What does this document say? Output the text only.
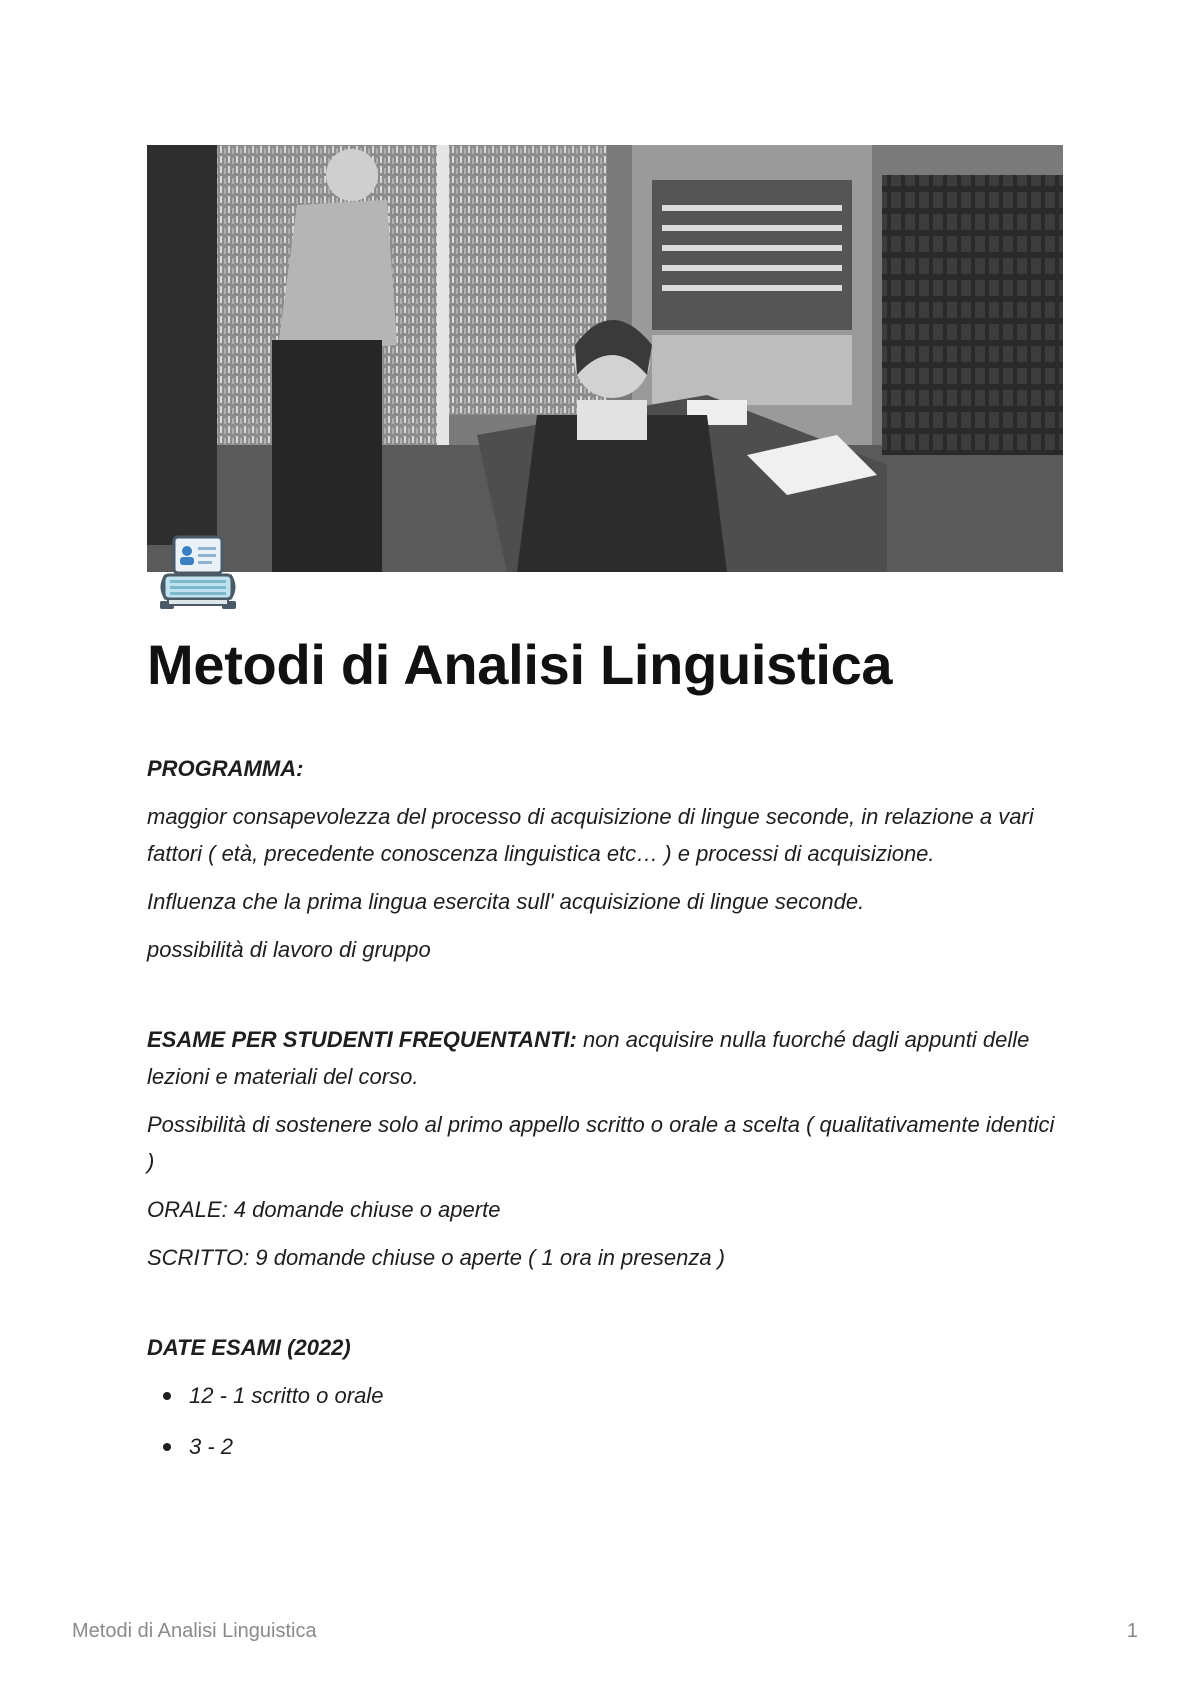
Metodi di Analisi Linguistica

PROGRAMMA:

maggior consapevolezza del processo di acquisizione di lingue seconde, in relazione a vari fattori ( età, precedente conoscenza linguistica etc… ) e processi di acquisizione.

Influenza che la prima lingua esercita sull' acquisizione di lingue seconde.

possibilità di lavoro di gruppo

ESAME PER STUDENTI FREQUENTANTI: non acquisire nulla fuorché dagli appunti delle lezioni e materiali del corso.

Possibilità di sostenere solo al primo appello scritto o orale a scelta ( qualitativamente identici )

ORALE: 4 domande chiuse o aperte

SCRITTO: 9 domande chiuse o aperte ( 1 ora in presenza )

DATE ESAMI (2022)

12 - 1 scritto o orale
3 - 2
Metodi di Analisi Linguistica	1
